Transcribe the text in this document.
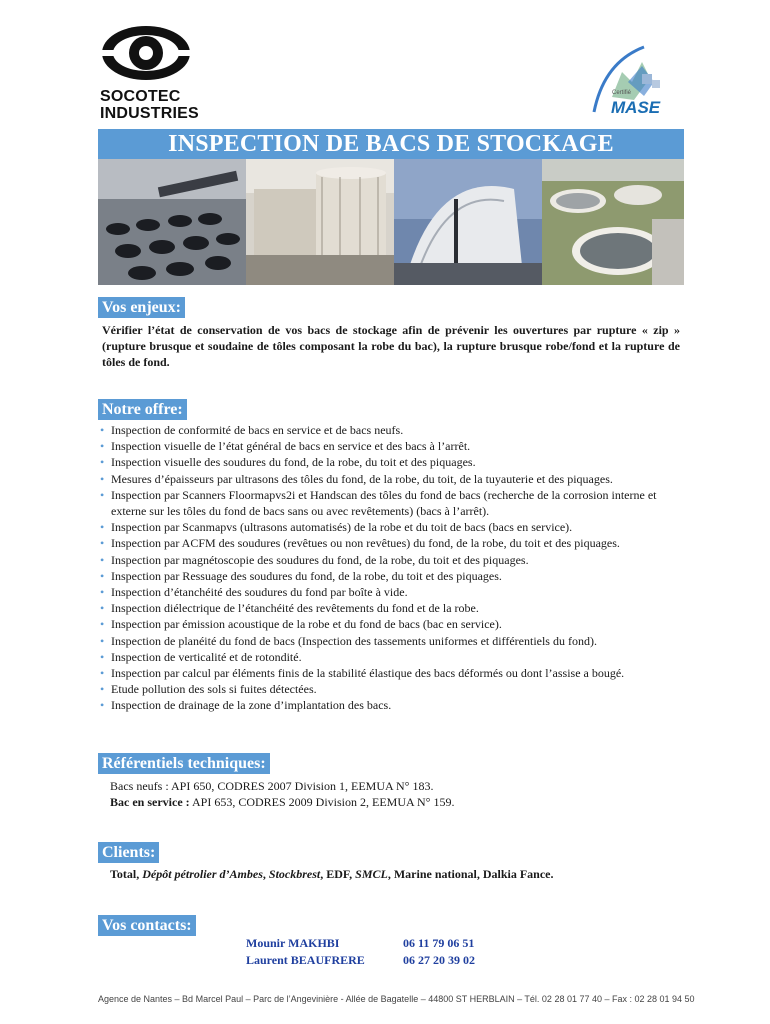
SOCOTEC
INDUSTRIES
Certifié
MASE
INSPECTION DE BACS DE STOCKAGE
Vos enjeux:
Vérifier l’état de conservation de vos bacs de stockage afin de prévenir les ouvertures par rupture « zip » (rupture brusque et soudaine de tôles composant la robe du bac), la rupture brusque robe/fond et la rupture de tôles de fond.
Notre offre:
• Inspection de conformité de bacs en service et de bacs neufs.
• Inspection visuelle de l’état général de bacs en service et des bacs à l’arrêt.
• Inspection visuelle des soudures du fond, de la robe, du toit et des piquages.
• Mesures d’épaisseurs par ultrasons des tôles du fond, de la robe, du toit, de la tuyauterie et des piquages.
• Inspection par Scanners Floormapvs2i et Handscan des tôles du fond de bacs (recherche de la corrosion interne et externe sur les tôles du fond de bacs sans ou avec revêtements) (bacs à l’arrêt).
• Inspection par Scanmapvs (ultrasons automatisés) de la robe et du toit de bacs (bacs en service).
• Inspection par ACFM des soudures (revêtues ou non revêtues) du fond, de la robe, du toit et des piquages.
• Inspection par magnétoscopie des soudures du fond, de la robe, du toit et des piquages.
• Inspection par Ressuage des soudures du fond, de la robe, du toit et des piquages.
• Inspection d’étanchéité des soudures du fond par boîte à vide.
• Inspection diélectrique de l’étanchéité des revêtements du fond et de la robe.
• Inspection par émission acoustique de la robe et du fond de bacs (bac en service).
• Inspection de planéité du fond de bacs (Inspection des tassements uniformes et différentiels du fond).
• Inspection de verticalité et de rotondité.
• Inspection par calcul par éléments finis de la stabilité élastique des bacs déformés ou dont l’assise a bougé.
• Etude pollution des sols si fuites détectées.
• Inspection de drainage de la zone d’implantation des bacs.
Référentiels techniques:
Bacs neufs : API 650, CODRES 2007 Division 1, EEMUA N° 183.
Bac en service : API 653, CODRES 2009 Division 2, EEMUA N° 159.
Clients:
Total, Dépôt pétrolier d’Ambes, Stockbrest, EDF, SMCL, Marine national, Dalkia Fance.
Vos contacts:
Mounir MAKHBI	06 11 79 06 51
Laurent BEAUFRERE	06 27 20 39 02
Agence de Nantes – Bd Marcel Paul – Parc de l’Angevinière - Allée de Bagatelle – 44800 ST HERBLAIN – Tél. 02 28 01 77 40 – Fax : 02 28 01 94 50
